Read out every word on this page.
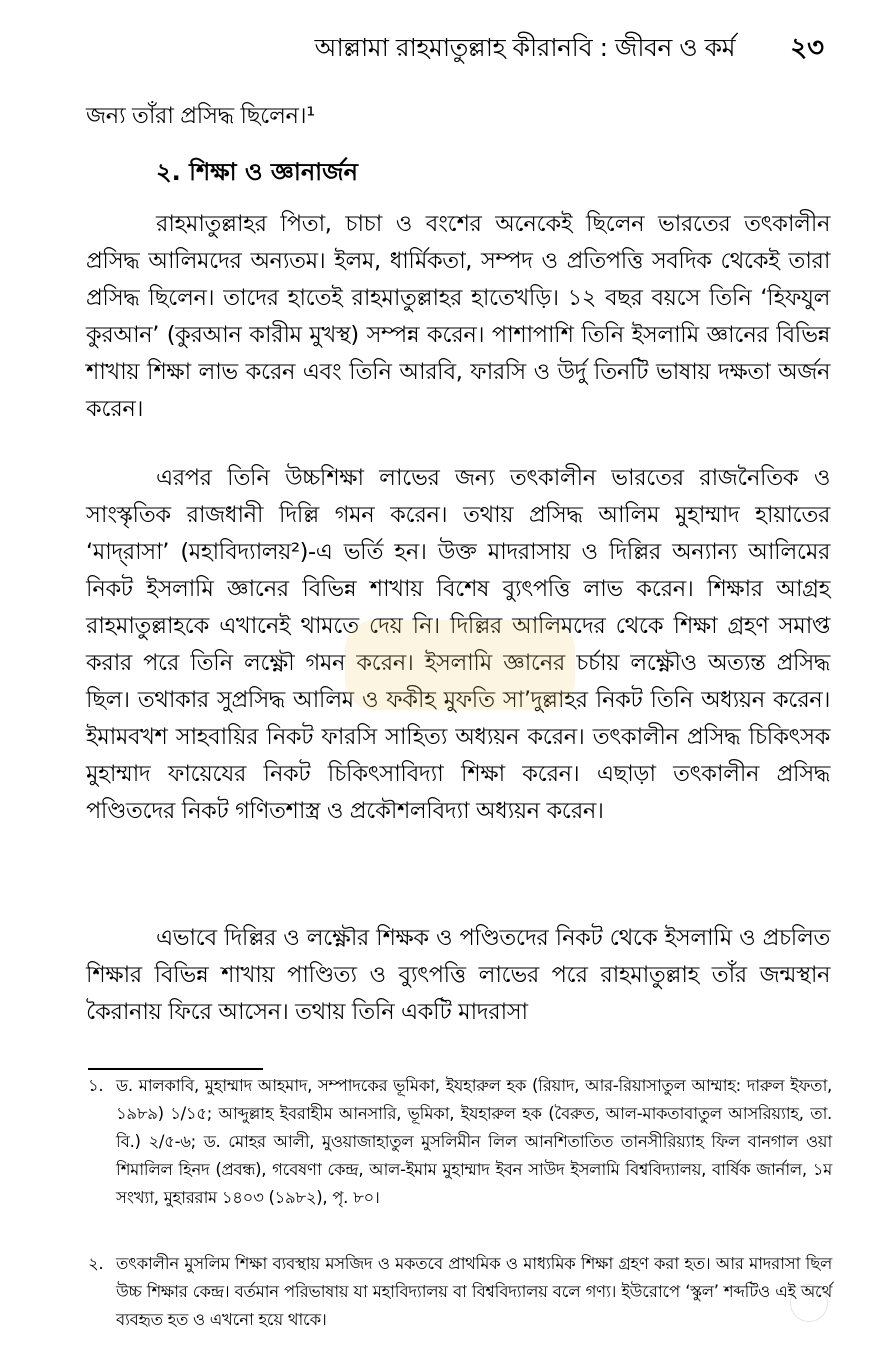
আল্লামা রাহমাতুল্লাহ কীরানবি : জীবন ও কর্ম ২৩
জন্য তাঁরা প্রসিদ্ধ ছিলেন।¹
২. শিক্ষা ও জ্ঞানার্জন
রাহমাতুল্লাহর পিতা, চাচা ও বংশের অনেকেই ছিলেন ভারতের তৎকালীন প্রসিদ্ধ আলিমদের অন্যতম। ইলম, ধার্মিকতা, সম্পদ ও প্রতিপত্তি সবদিক থেকেই তারা প্রসিদ্ধ ছিলেন। তাদের হাতেই রাহমাতুল্লাহর হাতেখড়ি। ১২ বছর বয়সে তিনি ‘হিফযুল কুরআন’ (কুরআন কারীম মুখস্থ) সম্পন্ন করেন। পাশাপাশি তিনি ইসলামি জ্ঞানের বিভিন্ন শাখায় শিক্ষা লাভ করেন এবং তিনি আরবি, ফারসি ও উর্দু তিনটি ভাষায় দক্ষতা অর্জন করেন।
এরপর তিনি উচ্চশিক্ষা লাভের জন্য তৎকালীন ভারতের রাজনৈতিক ও সাংস্কৃতিক রাজধানী দিল্লি গমন করেন। তথায় প্রসিদ্ধ আলিম মুহাম্মাদ হায়াতের ‘মাদ্‌রাসা’ (মহাবিদ্যালয়²)-এ ভর্তি হন। উক্ত মাদরাসায় ও দিল্লির অন্যান্য আলিমের নিকট ইসলামি জ্ঞানের বিভিন্ন শাখায় বিশেষ ব্যুৎপত্তি লাভ করেন। শিক্ষার আগ্রহ রাহমাতুল্লাহকে এখানেই থামতে দেয় নি। দিল্লির আলিমদের থেকে শিক্ষা গ্রহণ সমাপ্ত করার পরে তিনি লক্ষ্ণৌ গমন করেন। ইসলামি জ্ঞানের চর্চায় লক্ষ্ণৌও অত্যন্ত প্রসিদ্ধ ছিল। তথাকার সুপ্রসিদ্ধ আলিম ও ফকীহ মুফতি সা’দুল্লাহর নিকট তিনি অধ্যয়ন করেন। ইমামবখশ সাহবায়ির নিকট ফারসি সাহিত্য অধ্যয়ন করেন। তৎকালীন প্রসিদ্ধ চিকিৎসক মুহাম্মাদ ফায়েযের নিকট চিকিৎসাবিদ্যা শিক্ষা করেন। এছাড়া তৎকালীন প্রসিদ্ধ পণ্ডিতদের নিকট গণিতশাস্ত্র ও প্রকৌশলবিদ্যা অধ্যয়ন করেন।
এভাবে দিল্লির ও লক্ষ্ণৌর শিক্ষক ও পণ্ডিতদের নিকট থেকে ইসলামি ও প্রচলিত শিক্ষার বিভিন্ন শাখায় পাণ্ডিত্য ও ব্যুৎপত্তি লাভের পরে রাহমাতুল্লাহ তাঁর জন্মস্থান কৈরানায় ফিরে আসেন। তথায় তিনি একটি মাদরাসা
১. ড. মালকাবি, মুহাম্মাদ আহমাদ, সম্পাদকের ভূমিকা, ইযহারুল হক (রিয়াদ, আর-রিয়াসাতুল আম্মাহ: দারুল ইফতা, ১৯৮৯) ১/১৫; আব্দুল্লাহ ইবরাহীম আনসারি, ভূমিকা, ইযহারুল হক (বৈরুত, আল-মাকতাবাতুল আসরিয়্যাহ, তা. বি.) ২/৫-৬; ড. মোহর আলী, মুওয়াজাহাতুল মুসলিমীন লিল আনশিতাতিত তানসীরিয়্যাহ ফিল বানগাল ওয়া শিমালিল হিনদ (প্রবন্ধ), গবেষণা কেন্দ্র, আল-ইমাম মুহাম্মাদ ইবন সাউদ ইসলামি বিশ্ববিদ্যালয়, বার্ষিক জার্নাল, ১ম সংখ্যা, মুহাররাম ১৪০৩ (১৯৮২), পৃ. ৮০।
২. তৎকালীন মুসলিম শিক্ষা ব্যবস্থায় মসজিদ ও মকতবে প্রাথমিক ও মাধ্যমিক শিক্ষা গ্রহণ করা হত। আর মাদরাসা ছিল উচ্চ শিক্ষার কেন্দ্র। বর্তমান পরিভাষায় যা মহাবিদ্যালয় বা বিশ্ববিদ্যালয় বলে গণ্য। ইউরোপে ‘স্কুল’ শব্দটিও এই অর্থে ব্যবহৃত হত ও এখনো হয়ে থাকে।
